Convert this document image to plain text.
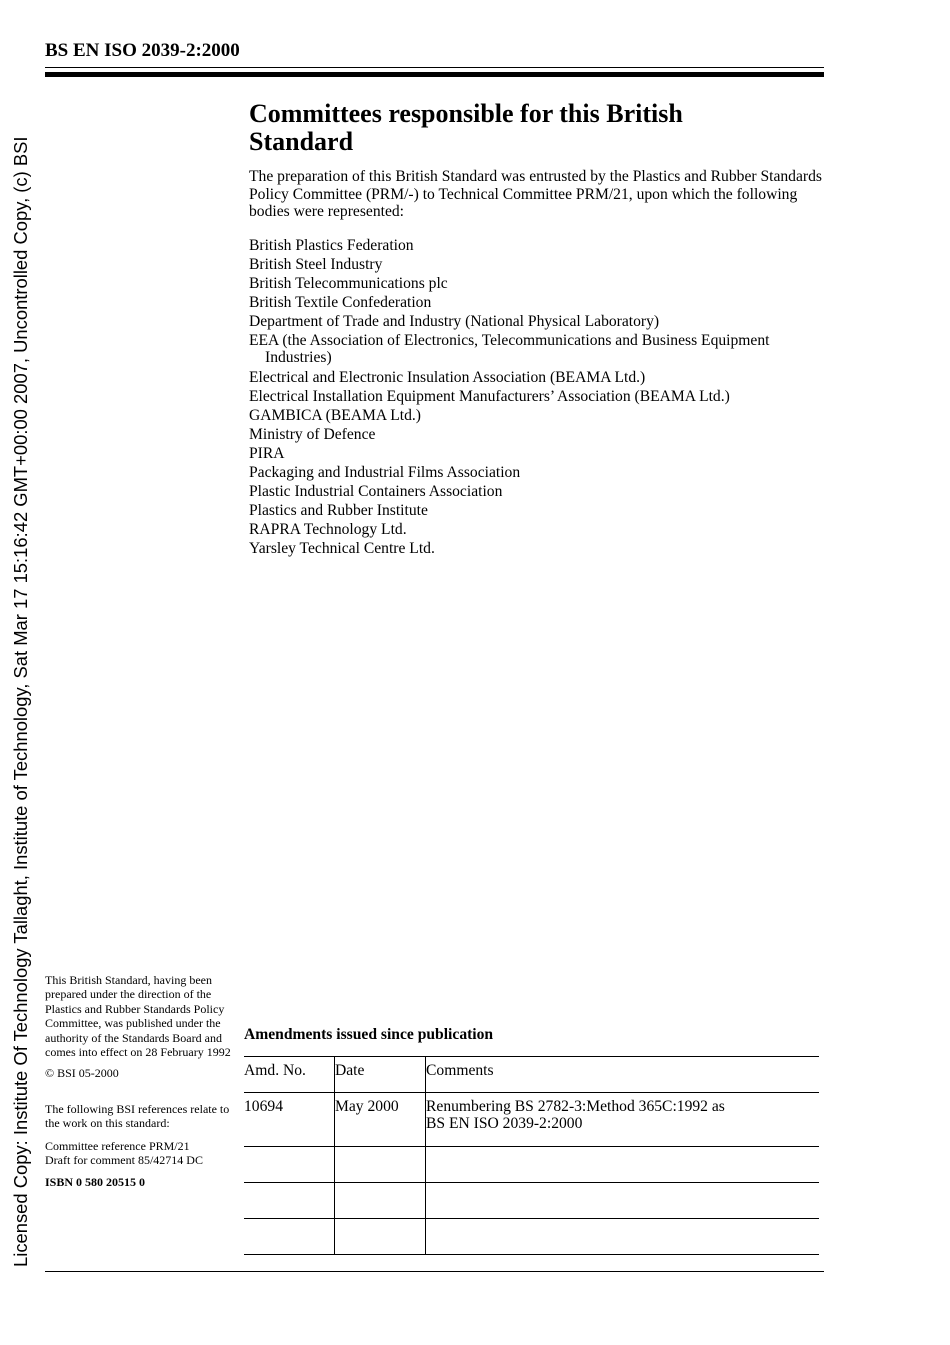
Licensed Copy: Institute Of Technology Tallaght, Institute of Technology, Sat Mar 17 15:16:42 GMT+00:00 2007, Uncontrolled Copy, (c) BSI
BS EN ISO 2039-2:2000
Committees responsible for this British Standard

The preparation of this British Standard was entrusted by the Plastics and Rubber Standards Policy Committee (PRM/-) to Technical Committee PRM/21, upon which the following bodies were represented:

British Plastics Federation
British Steel Industry
British Telecommunications plc
British Textile Confederation
Department of Trade and Industry (National Physical Laboratory)
EEA (the Association of Electronics, Telecommunications and Business Equipment Industries)
Electrical and Electronic Insulation Association (BEAMA Ltd.)
Electrical Installation Equipment Manufacturers’ Association (BEAMA Ltd.)
GAMBICA (BEAMA Ltd.)
Ministry of Defence
PIRA
Packaging and Industrial Films Association
Plastic Industrial Containers Association
Plastics and Rubber Institute
RAPRA Technology Ltd.
Yarsley Technical Centre Ltd.

This British Standard, having been prepared under the direction of the Plastics and Rubber Standards Policy Committee, was published under the authority of the Standards Board and comes into effect on 28 February 1992

© BSI 05-2000

The following BSI references relate to the work on this standard:

Committee reference PRM/21

Draft for comment 85/42714 DC

ISBN 0 580 20515 0

Amendments issued since publication
Amd. No.	Date	Comments
10694	May 2000	Renumbering BS 2782-3:Method 365C:1992 as
BS EN ISO 2039-2:2000
